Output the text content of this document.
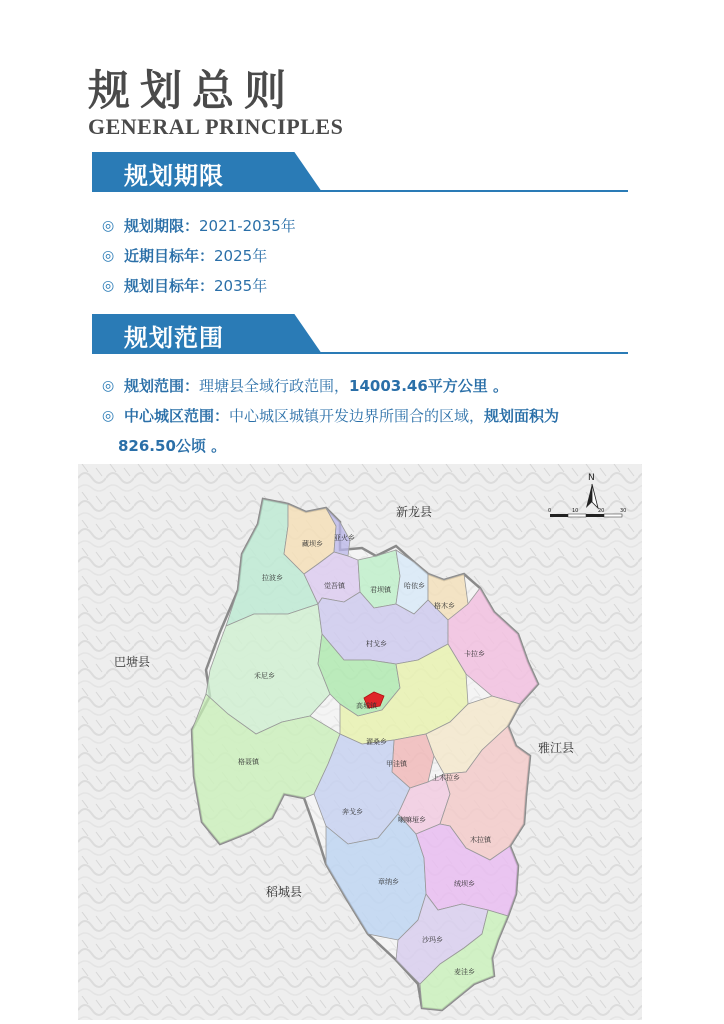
规划总则
GENERAL PRINCIPLES
规划期限
◎ 规划期限：2021-2035年
◎ 近期目标年：2025年
◎ 规划目标年：2035年
规划范围
◎ 规划范围：理塘县全域行政范围，14003.46平方公里 。
◎ 中心城区范围：中心城区城镇开发边界所围合的区域，规划面积为
826.50公顷 。
藏坝乡
亚火乡
拉波乡
觉吾镇	君坝镇 哈依乡
格木乡
禾尼乡
村戈乡
卡拉乡
高城镇
濯桑乡
格聂镇	甲洼镇
上木拉乡
奔戈乡
喇嘛垭乡
木拉镇
绒坝乡
章纳乡
沙玛乡
麦洼乡
新龙县
巴塘县
雅江县
稻城县
N
0	10	20	30
